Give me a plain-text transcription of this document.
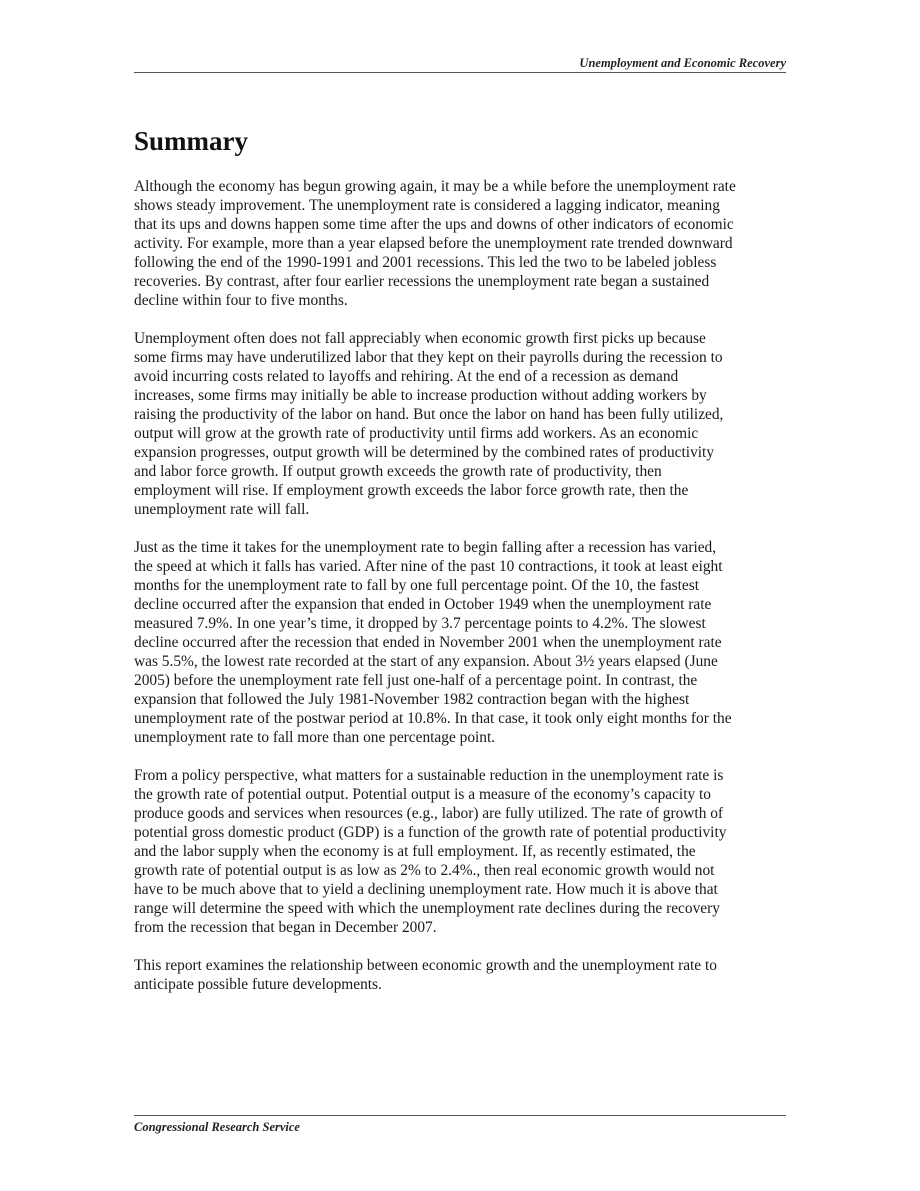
Unemployment and Economic Recovery
Summary

Although the economy has begun growing again, it may be a while before the unemployment rate
shows steady improvement. The unemployment rate is considered a lagging indicator, meaning
that its ups and downs happen some time after the ups and downs of other indicators of economic
activity. For example, more than a year elapsed before the unemployment rate trended downward
following the end of the 1990-1991 and 2001 recessions. This led the two to be labeled jobless
recoveries. By contrast, after four earlier recessions the unemployment rate began a sustained
decline within four to five months.

Unemployment often does not fall appreciably when economic growth first picks up because
some firms may have underutilized labor that they kept on their payrolls during the recession to
avoid incurring costs related to layoffs and rehiring. At the end of a recession as demand
increases, some firms may initially be able to increase production without adding workers by
raising the productivity of the labor on hand. But once the labor on hand has been fully utilized,
output will grow at the growth rate of productivity until firms add workers. As an economic
expansion progresses, output growth will be determined by the combined rates of productivity
and labor force growth. If output growth exceeds the growth rate of productivity, then
employment will rise. If employment growth exceeds the labor force growth rate, then the
unemployment rate will fall.

Just as the time it takes for the unemployment rate to begin falling after a recession has varied,
the speed at which it falls has varied. After nine of the past 10 contractions, it took at least eight
months for the unemployment rate to fall by one full percentage point. Of the 10, the fastest
decline occurred after the expansion that ended in October 1949 when the unemployment rate
measured 7.9%. In one year’s time, it dropped by 3.7 percentage points to 4.2%. The slowest
decline occurred after the recession that ended in November 2001 when the unemployment rate
was 5.5%, the lowest rate recorded at the start of any expansion. About 3½ years elapsed (June
2005) before the unemployment rate fell just one-half of a percentage point. In contrast, the
expansion that followed the July 1981-November 1982 contraction began with the highest
unemployment rate of the postwar period at 10.8%. In that case, it took only eight months for the
unemployment rate to fall more than one percentage point.

From a policy perspective, what matters for a sustainable reduction in the unemployment rate is
the growth rate of potential output. Potential output is a measure of the economy’s capacity to
produce goods and services when resources (e.g., labor) are fully utilized. The rate of growth of
potential gross domestic product (GDP) is a function of the growth rate of potential productivity
and the labor supply when the economy is at full employment. If, as recently estimated, the
growth rate of potential output is as low as 2% to 2.4%., then real economic growth would not
have to be much above that to yield a declining unemployment rate. How much it is above that
range will determine the speed with which the unemployment rate declines during the recovery
from the recession that began in December 2007.

This report examines the relationship between economic growth and the unemployment rate to
anticipate possible future developments.

Congressional Research Service
